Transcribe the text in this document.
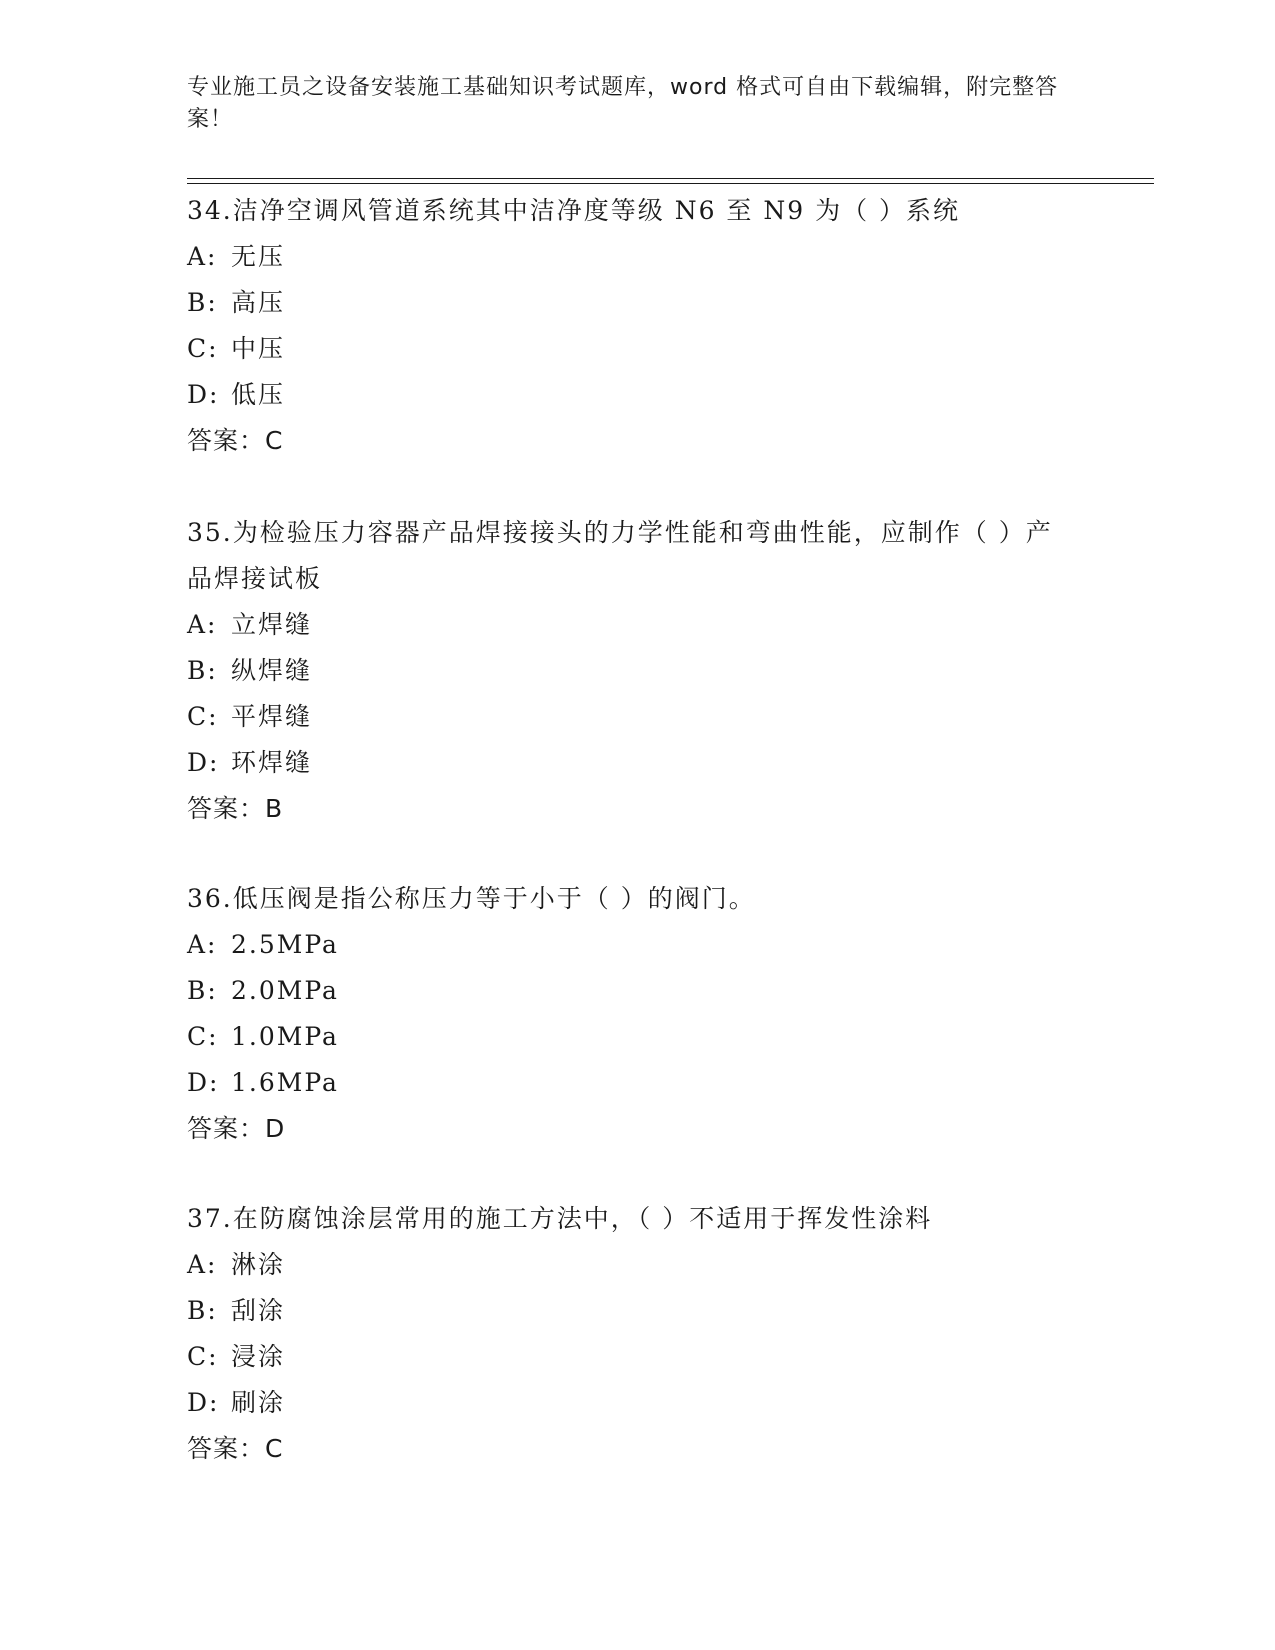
专业施工员之设备安装施工基础知识考试题库，word 格式可自由下载编辑，附完整答案！

34.洁净空调风管道系统其中洁净度等级 N6 至 N9 为（ ）系统

A: 无压

B: 高压

C: 中压

D: 低压

答案：C

35.为检验压力容器产品焊接接头的力学性能和弯曲性能，应制作（ ）产品焊接试板

A: 立焊缝

B: 纵焊缝

C: 平焊缝

D: 环焊缝

答案：B

36.低压阀是指公称压力等于小于（ ）的阀门。

A: 2.5MPa

B: 2.0MPa

C: 1.0MPa

D: 1.6MPa

答案：D

37.在防腐蚀涂层常用的施工方法中，（ ）不适用于挥发性涂料

A: 淋涂

B: 刮涂

C: 浸涂

D: 刷涂

答案：C
